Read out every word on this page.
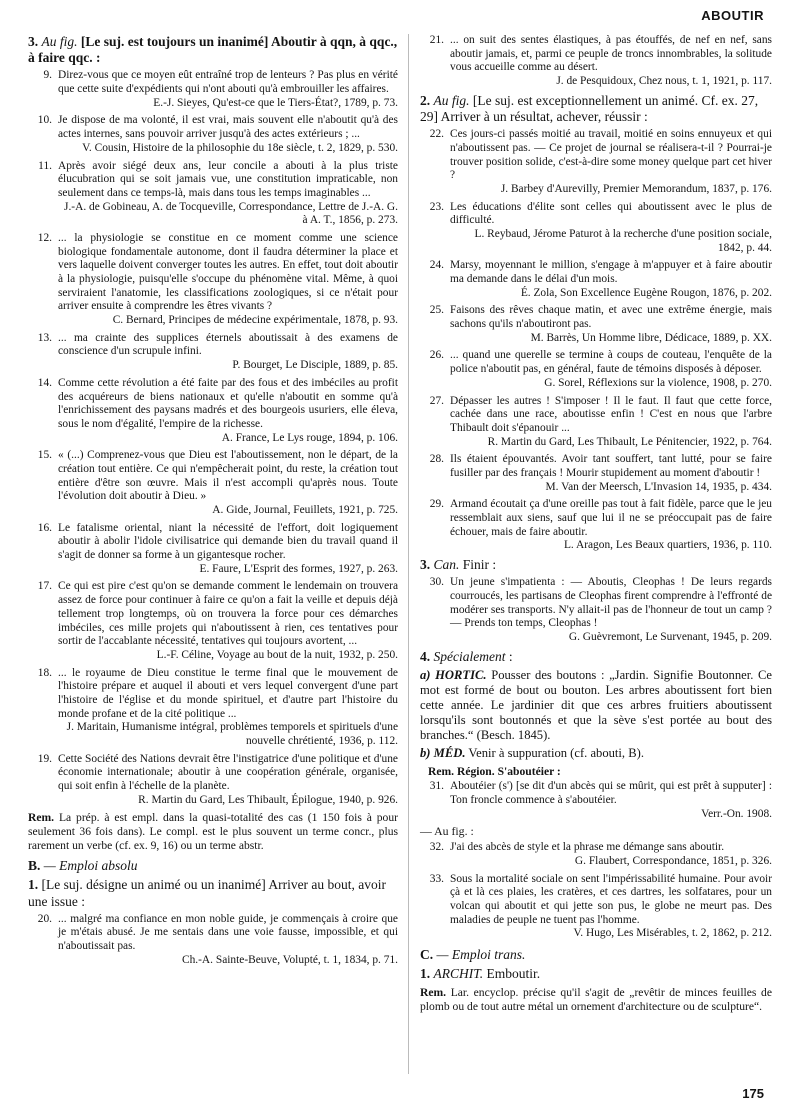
ABOUTIR
3. Au fig. [Le suj. est toujours un inanimé] Aboutir à qqn, à qqc., à faire qqc. :
9. Direz-vous que ce moyen eût entraîné trop de lenteurs ? Pas plus en vérité que cette suite d'expédients qui n'ont abouti qu'à embrouiller les affaires.
E.-J. Sieyes, Qu'est-ce que le Tiers-État?, 1789, p. 73.
10. Je dispose de ma volonté, il est vrai, mais souvent elle n'aboutit qu'à des actes internes, sans pouvoir arriver jusqu'à des actes extérieurs ; ...
V. Cousin, Histoire de la philosophie du 18e siècle, t. 2, 1829, p. 530.
11. Après avoir siégé deux ans, leur concile a abouti à la plus triste élucubration qui se soit jamais vue, une constitution impraticable, non seulement dans ce temps-là, mais dans tous les temps imaginables ...
J.-A. de Gobineau, A. de Tocqueville, Correspondance, Lettre de J.-A. G. à A. T., 1856, p. 273.
12. ... la physiologie se constitue en ce moment comme une science biologique fondamentale autonome, dont il faudra déterminer la place et vers laquelle doivent converger toutes les autres. En effet, tout doit aboutir à la physiologie, puisqu'elle s'occupe du phénomène vital. Même, à quoi serviraient l'anatomie, les classifications zoologiques, si ce n'était pour arriver ensuite à comprendre les êtres vivants ?
C. Bernard, Principes de médecine expérimentale, 1878, p. 93.
13. ... ma crainte des supplices éternels aboutissait à des examens de conscience d'un scrupule infini.
P. Bourget, Le Disciple, 1889, p. 85.
14. Comme cette révolution a été faite par des fous et des imbéciles au profit des acquéreurs de biens nationaux et qu'elle n'aboutit en somme qu'à l'enrichissement des paysans madrés et des bourgeois usuriers, elle éleva, sous le nom d'égalité, l'empire de la richesse.
A. France, Le Lys rouge, 1894, p. 106.
15. « (...) Comprenez-vous que Dieu est l'aboutissement, non le départ, de la création tout entière. Ce qui n'empêcherait point, du reste, la création tout entière d'être son œuvre. Mais il n'est accompli qu'après nous. Toute l'évolution doit aboutir à Dieu. »
A. Gide, Journal, Feuillets, 1921, p. 725.
16. Le fatalisme oriental, niant la nécessité de l'effort, doit logiquement aboutir à abolir l'idole civilisatrice qui demande bien du travail quand il s'agit de donner sa forme à un gigantesque rocher.
E. Faure, L'Esprit des formes, 1927, p. 263.
17. Ce qui est pire c'est qu'on se demande comment le lendemain on trouvera assez de force pour continuer à faire ce qu'on a fait la veille et depuis déjà tellement trop longtemps, où on trouvera la force pour ces démarches imbéciles, ces mille projets qui n'aboutissent à rien, ces tentatives pour sortir de l'accablante nécessité, tentatives qui toujours avortent, ...
L.-F. Céline, Voyage au bout de la nuit, 1932, p. 250.
18. ... le royaume de Dieu constitue le terme final que le mouvement de l'histoire prépare et auquel il abouti et vers lequel convergent d'une part l'histoire de l'église et du monde spirituel, et d'autre part l'histoire du monde profane et de la cité politique ...
J. Maritain, Humanisme intégral, problèmes temporels et spirituels d'une nouvelle chrétienté, 1936, p. 112.
19. Cette Société des Nations devrait être l'instigatrice d'une politique et d'une économie internationale; aboutir à une coopération générale, organisée, qui soit enfin à l'échelle de la planète.
R. Martin du Gard, Les Thibault, Épilogue, 1940, p. 926.
Rem. La prép. à est empl. dans la quasi-totalité des cas (1 150 fois à pour seulement 36 fois dans). Le compl. est le plus souvent un terme concr., plus rarement un verbe (cf. ex. 9, 16) ou un terme abstr.
B. — Emploi absolu
1. [Le suj. désigne un animé ou un inanimé] Arriver au bout, avoir une issue :
20. ... malgré ma confiance en mon noble guide, je commençais à croire que je m'étais abusé. Je me sentais dans une voie fausse, impossible, et qui n'aboutissait pas.
Ch.-A. Sainte-Beuve, Volupté, t. 1, 1834, p. 71.
21. ... on suit des sentes élastiques, à pas étouffés, de nef en nef, sans aboutir jamais, et, parmi ce peuple de troncs innombrables, la solitude vous accueille comme au désert.
J. de Pesquidoux, Chez nous, t. 1, 1921, p. 117.
2. Au fig. [Le suj. est exceptionnellement un animé. Cf. ex. 27, 29] Arriver à un résultat, achever, réussir :
22. Ces jours-ci passés moitié au travail, moitié en soins ennuyeux et qui n'aboutissent pas. — Ce projet de journal se réalisera-t-il ? Pourrai-je trouver position solide, c'est-à-dire some money quelque part cet hiver ?
J. Barbey d'Aurevilly, Premier Memorandum, 1837, p. 176.
23. Les éducations d'élite sont celles qui aboutissent avec le plus de difficulté.
L. Reybaud, Jérome Paturot à la recherche d'une position sociale, 1842, p. 44.
24. Marsy, moyennant le million, s'engage à m'appuyer et à faire aboutir ma demande dans le délai d'un mois.
É. Zola, Son Excellence Eugène Rougon, 1876, p. 202.
25. Faisons des rêves chaque matin, et avec une extrême énergie, mais sachons qu'ils n'aboutiront pas.
M. Barrès, Un Homme libre, Dédicace, 1889, p. XX.
26. ... quand une querelle se termine à coups de couteau, l'enquête de la police n'aboutit pas, en général, faute de témoins disposés à déposer.
G. Sorel, Réflexions sur la violence, 1908, p. 270.
27. Dépasser les autres ! S'imposer ! Il le faut. Il faut que cette force, cachée dans une race, aboutisse enfin ! C'est en nous que l'arbre Thibault doit s'épanouir ...
R. Martin du Gard, Les Thibault, Le Pénitencier, 1922, p. 764.
28. Ils étaient épouvantés. Avoir tant souffert, tant lutté, pour se faire fusiller par des français ! Mourir stupidement au moment d'aboutir !
M. Van der Meersch, L'Invasion 14, 1935, p. 434.
29. Armand écoutait ça d'une oreille pas tout à fait fidèle, parce que le jeu ressemblait aux siens, sauf que lui il ne se préoccupait pas de faire échouer, mais de faire aboutir.
L. Aragon, Les Beaux quartiers, 1936, p. 110.
3. Can. Finir :
30. Un jeune s'impatienta : — Aboutis, Cleophas ! De leurs regards courroucés, les partisans de Cleophas firent comprendre à l'effronté de modérer ses transports. N'y allait-il pas de l'honneur de tout un camp ? — Prends ton temps, Cleophas !
G. Guèvremont, Le Survenant, 1945, p. 209.
4. Spécialement :
a) HORTIC. Pousser des boutons : „Jardin. Signifie Boutonner. Ce mot est formé de bout ou bouton. Les arbres aboutissent fort bien cette année. Le jardinier dit que ces arbres fruitiers aboutissent lorsqu'ils sont boutonnés et que la sève s'est portée au bout des branches.“ (Besch. 1845).
b) MÉD. Venir à suppuration (cf. abouti, B).
Rem. Région. S'aboutéier :
31. Aboutéier (s') [se dit d'un abcès qui se mûrit, qui est prêt à supputer] : Ton froncle commence à s'aboutéier.
Verr.-On. 1908.
— Au fig. :
32. J'ai des abcès de style et la phrase me démange sans aboutir.
G. Flaubert, Correspondance, 1851, p. 326.
33. Sous la mortalité sociale on sent l'impérissabilité humaine. Pour avoir çà et là ces plaies, les cratères, et ces dartres, les solfatares, pour un volcan qui aboutit et qui jette son pus, le globe ne meurt pas. Des maladies de peuple ne tuent pas l'homme.
V. Hugo, Les Misérables, t. 2, 1862, p. 212.
C. — Emploi trans.
1. ARCHIT. Emboutir.
Rem. Lar. encyclop. précise qu'il s'agit de „revêtir de minces feuilles de plomb ou de tout autre métal un ornement d'architecture ou de sculpture“.
175
